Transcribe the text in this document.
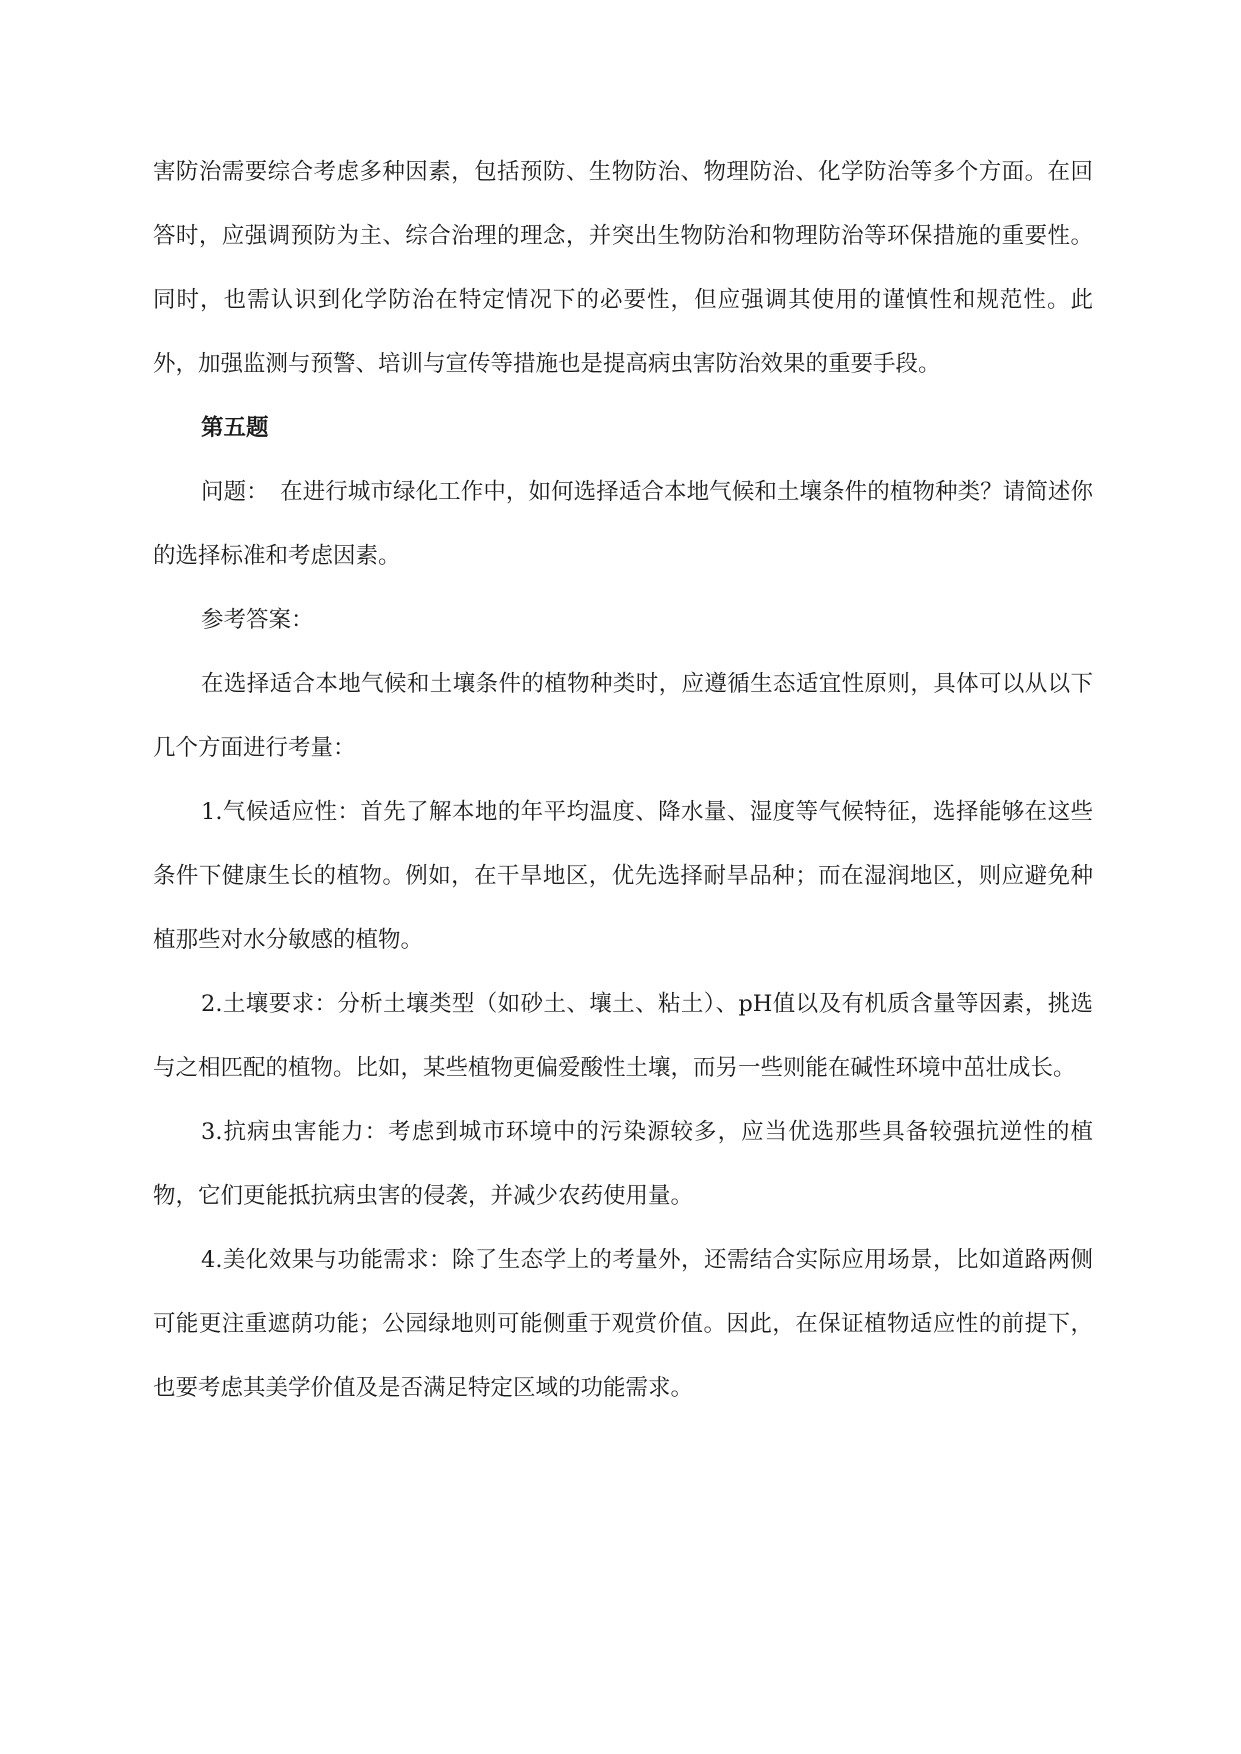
害防治需要综合考虑多种因素，包括预防、生物防治、物理防治、化学防治等多个方面。在回答时，应强调预防为主、综合治理的理念，并突出生物防治和物理防治等环保措施的重要性。同时，也需认识到化学防治在特定情况下的必要性，但应强调其使用的谨慎性和规范性。此外，加强监测与预警、培训与宣传等措施也是提高病虫害防治效果的重要手段。

第五题

问题：　在进行城市绿化工作中，如何选择适合本地气候和土壤条件的植物种类？请简述你的选择标准和考虑因素。

参考答案：

在选择适合本地气候和土壤条件的植物种类时，应遵循生态适宜性原则，具体可以从以下几个方面进行考量：

1.气候适应性：首先了解本地的年平均温度、降水量、湿度等气候特征，选择能够在这些条件下健康生长的植物。例如，在干旱地区，优先选择耐旱品种；而在湿润地区，则应避免种植那些对水分敏感的植物。

2.土壤要求：分析土壤类型（如砂土、壤土、粘土）、pH值以及有机质含量等因素，挑选与之相匹配的植物。比如，某些植物更偏爱酸性土壤，而另一些则能在碱性环境中茁壮成长。

3.抗病虫害能力：考虑到城市环境中的污染源较多，应当优选那些具备较强抗逆性的植物，它们更能抵抗病虫害的侵袭，并减少农药使用量。

4.美化效果与功能需求：除了生态学上的考量外，还需结合实际应用场景，比如道路两侧可能更注重遮荫功能；公园绿地则可能侧重于观赏价值。因此，在保证植物适应性的前提下，也要考虑其美学价值及是否满足特定区域的功能需求。
